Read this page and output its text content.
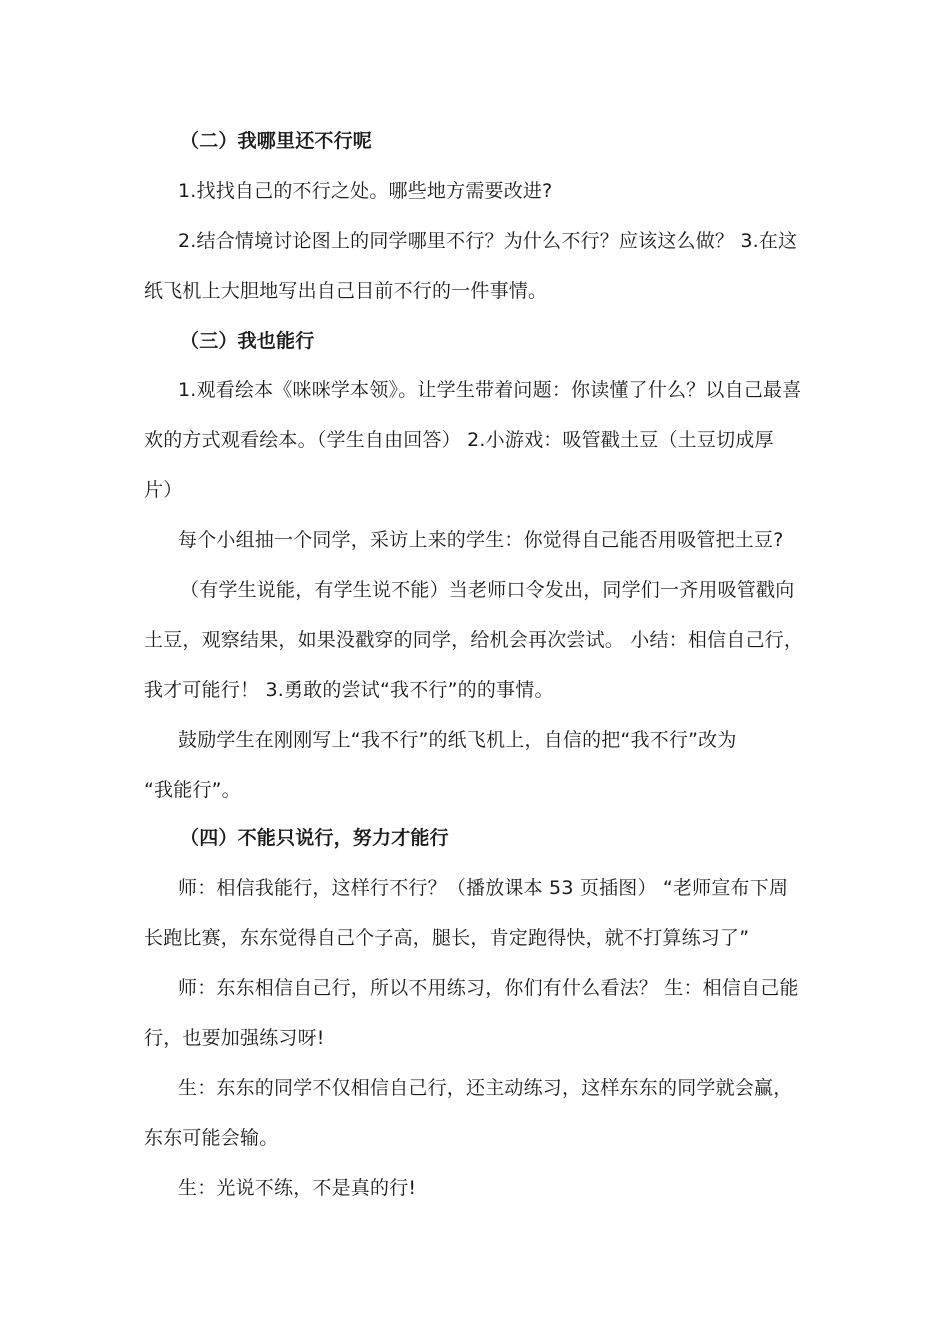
（二）我哪里还不行呢
1.找找自己的不行之处。哪些地方需要改进?
2.结合情境讨论图上的同学哪里不行？为什么不行？应该这么做？ 3.在这
纸飞机上大胆地写出自己目前不行的一件事情。
（三）我也能行
1.观看绘本《咪咪学本领》。让学生带着问题：你读懂了什么？以自己最喜
欢的方式观看绘本。（学生自由回答） 2.小游戏：吸管戳土豆（土豆切成厚
片）
每个小组抽一个同学，采访上来的学生：你觉得自己能否用吸管把土豆?
（有学生说能，有学生说不能）当老师口令发出，同学们一齐用吸管戳向
土豆，观察结果，如果没戳穿的同学，给机会再次尝试。 小结：相信自己行，
我才可能行！ 3.勇敢的尝试“我不行”的的事情。
鼓励学生在刚刚写上“我不行”的纸飞机上，自信的把“我不行”改为
“我能行”。
（四）不能只说行，努力才能行
师：相信我能行，这样行不行？（播放课本 53 页插图） “老师宣布下周
长跑比赛，东东觉得自己个子高，腿长，肯定跑得快，就不打算练习了”
师：东东相信自己行，所以不用练习，你们有什么看法？ 生：相信自己能
行，也要加强练习呀!
生：东东的同学不仅相信自己行，还主动练习，这样东东的同学就会赢，
东东可能会输。
生：光说不练，不是真的行!
